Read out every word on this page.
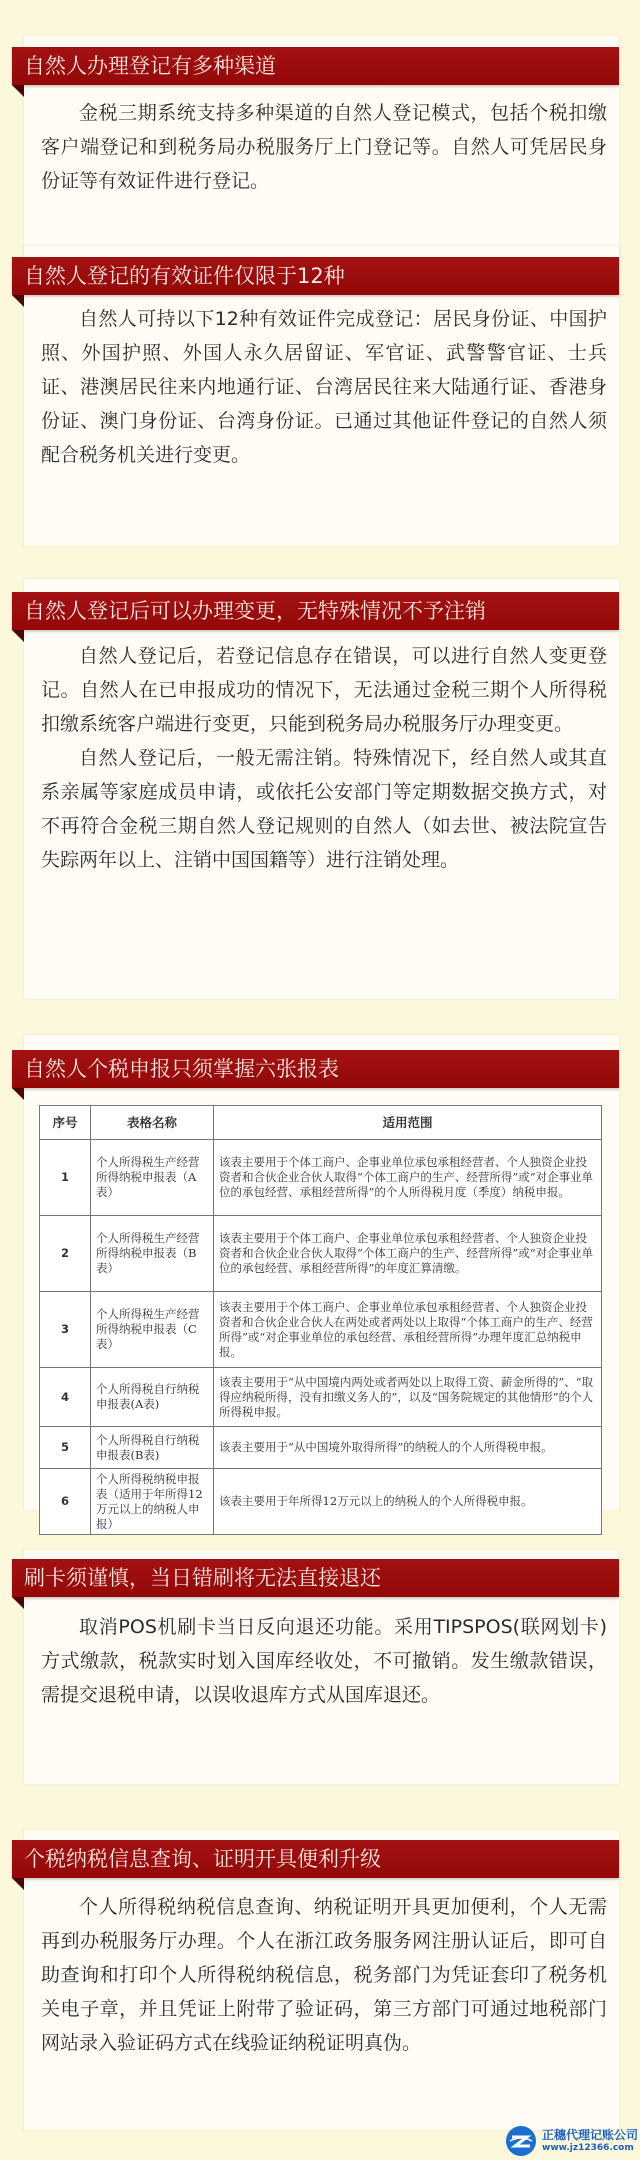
自然人办理登记有多种渠道

金税三期系统支持多种渠道的自然人登记模式，包括个税扣缴客户端登记和到税务局办税服务厅上门登记等。自然人可凭居民身份证等有效证件进行登记。

自然人登记的有效证件仅限于12种

自然人可持以下12种有效证件完成登记：居民身份证、中国护照、外国护照、外国人永久居留证、军官证、武警警官证、士兵证、港澳居民往来内地通行证、台湾居民往来大陆通行证、香港身份证、澳门身份证、台湾身份证。已通过其他证件登记的自然人须配合税务机关进行变更。

自然人登记后可以办理变更，无特殊情况不予注销

自然人登记后，若登记信息存在错误，可以进行自然人变更登记。自然人在已申报成功的情况下，无法通过金税三期个人所得税扣缴系统客户端进行变更，只能到税务局办税服务厅办理变更。

自然人登记后，一般无需注销。特殊情况下，经自然人或其直系亲属等家庭成员申请，或依托公安部门等定期数据交换方式，对不再符合金税三期自然人登记规则的自然人（如去世、被法院宣告失踪两年以上、注销中国国籍等）进行注销处理。

自然人个税申报只须掌握六张报表
序号	表格名称	适用范围
1	个人所得税生产经营所得纳税申报表（A表）	该表主要用于个体工商户、企事业单位承包承租经营者、个人独资企业投资者和合伙企业合伙人取得“个体工商户的生产、经营所得”或“对企事业单位的承包经营、承租经营所得”的个人所得税月度（季度）纳税申报。
2	个人所得税生产经营所得纳税申报表（B表）	该表主要用于个体工商户、企事业单位承包承租经营者、个人独资企业投资者和合伙企业合伙人取得“个体工商户的生产、经营所得”或“对企事业单位的承包经营、承租经营所得”的年度汇算清缴。
3	个人所得税生产经营所得纳税申报表（C表）	该表主要用于个体工商户、企事业单位承包承租经营者、个人独资企业投资者和合伙企业合伙人在两处或者两处以上取得“个体工商户的生产、经营所得”或“对企事业单位的承包经营、承租经营所得”办理年度汇总纳税申报。
4	个人所得税自行纳税申报表(A表)	该表主要用于“从中国境内两处或者两处以上取得工资、薪金所得的”、“取得应纳税所得，没有扣缴义务人的”，以及“国务院规定的其他情形”的个人所得税申报。
5	个人所得税自行纳税申报表(B表)	该表主要用于“从中国境外取得所得”的纳税人的个人所得税申报。
6	个人所得税纳税申报表（适用于年所得12万元以上的纳税人申报）	该表主要用于年所得12万元以上的纳税人的个人所得税申报。
刷卡须谨慎，当日错刷将无法直接退还

取消POS机刷卡当日反向退还功能。采用TIPSPOS(联网划卡)方式缴款，税款实时划入国库经收处，不可撤销。发生缴款错误，需提交退税申请，以误收退库方式从国库退还。

个税纳税信息查询、证明开具便利升级

个人所得税纳税信息查询、纳税证明开具更加便利，个人无需再到办税服务厅办理。个人在浙江政务服务网注册认证后，即可自助查询和打印个人所得税纳税信息，税务部门为凭证套印了税务机关电子章，并且凭证上附带了验证码，第三方部门可通过地税部门网站录入验证码方式在线验证纳税证明真伪。

正穗代理记账公司
www.jz12366.com
